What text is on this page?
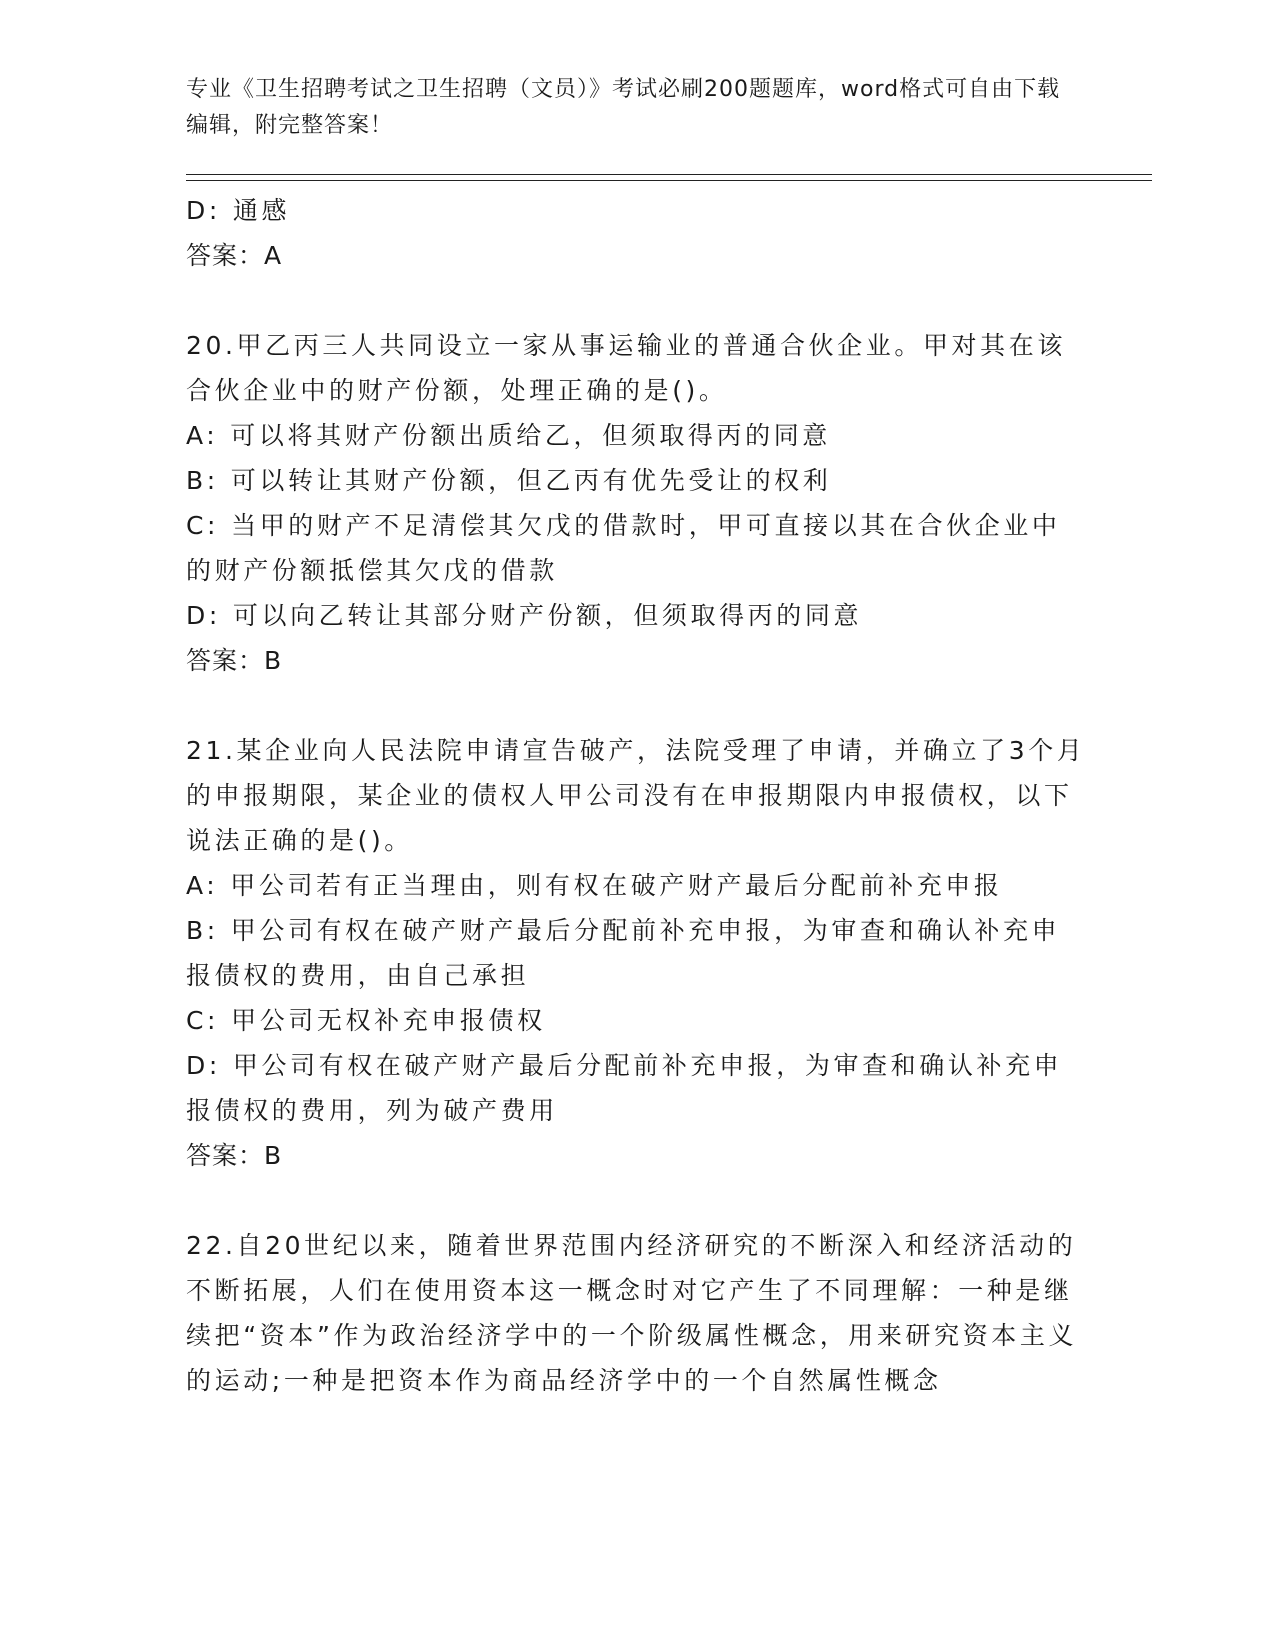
专业《卫生招聘考试之卫生招聘（文员）》考试必刷200题题库，word格式可自由下载编辑，附完整答案！
D: 通感
答案：A
20.甲乙丙三人共同设立一家从事运输业的普通合伙企业。甲对其在该合伙企业中的财产份额，处理正确的是()。
A: 可以将其财产份额出质给乙，但须取得丙的同意
B: 可以转让其财产份额，但乙丙有优先受让的权利
C: 当甲的财产不足清偿其欠戊的借款时，甲可直接以其在合伙企业中的财产份额抵偿其欠戊的借款
D: 可以向乙转让其部分财产份额，但须取得丙的同意
答案：B
21.某企业向人民法院申请宣告破产，法院受理了申请，并确立了3个月的申报期限，某企业的债权人甲公司没有在申报期限内申报债权，以下说法正确的是()。
A: 甲公司若有正当理由，则有权在破产财产最后分配前补充申报
B: 甲公司有权在破产财产最后分配前补充申报，为审查和确认补充申报债权的费用，由自己承担
C: 甲公司无权补充申报债权
D: 甲公司有权在破产财产最后分配前补充申报，为审查和确认补充申报债权的费用，列为破产费用
答案：B
22.自20世纪以来，随着世界范围内经济研究的不断深入和经济活动的不断拓展，人们在使用资本这一概念时对它产生了不同理解：一种是继续把“资本”作为政治经济学中的一个阶级属性概念，用来研究资本主义的运动;一种是把资本作为商品经济学中的一个自然属性概念
